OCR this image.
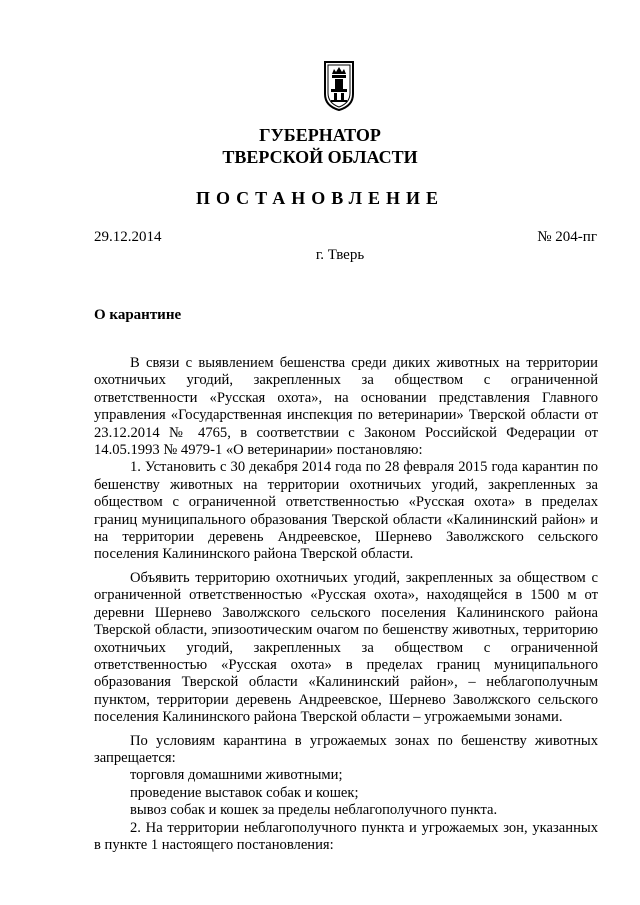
ГУБЕРНАТОР
ТВЕРСКОЙ ОБЛАСТИ
ПОСТАНОВЛЕНИЕ
29.12.2014	№ 204-пг
г. Тверь
О карантине

В связи с выявлением бешенства среди диких животных на территории охотничьих угодий, закрепленных за обществом с ограниченной ответственности «Русская охота», на основании представления Главного управления «Государственная инспекция по ветеринарии» Тверской области от 23.12.2014 № 4765, в соответствии с Законом Российской Федерации от 14.05.1993 № 4979-1 «О ветеринарии» постановляю:

1. Установить с 30 декабря 2014 года по 28 февраля 2015 года карантин по бешенству животных на территории охотничьих угодий, закрепленных за обществом с ограниченной ответственностью «Русская охота» в пределах границ муниципального образования Тверской области «Калининский район» и на территории деревень Андреевское, Шернево Заволжского сельского поселения Калининского района Тверской области.

Объявить территорию охотничьих угодий, закрепленных за обществом с ограниченной ответственностью «Русская охота», находящейся в 1500 м от деревни Шернево Заволжского сельского поселения Калининского района Тверской области, эпизоотическим очагом по бешенству животных, территорию охотничьих угодий, закрепленных за обществом с ограниченной ответственностью «Русская охота» в пределах границ муниципального образования Тверской области «Калининский район», – неблагополучным пунктом, территории деревень Андреевское, Шернево Заволжского сельского поселения Калининского района Тверской области – угрожаемыми зонами.

По условиям карантина в угрожаемых зонах по бешенству животных запрещается:

торговля домашними животными;

проведение выставок собак и кошек;

вывоз собак и кошек за пределы неблагополучного пункта.

2. На территории неблагополучного пункта и угрожаемых зон, указанных в пункте 1 настоящего постановления:
